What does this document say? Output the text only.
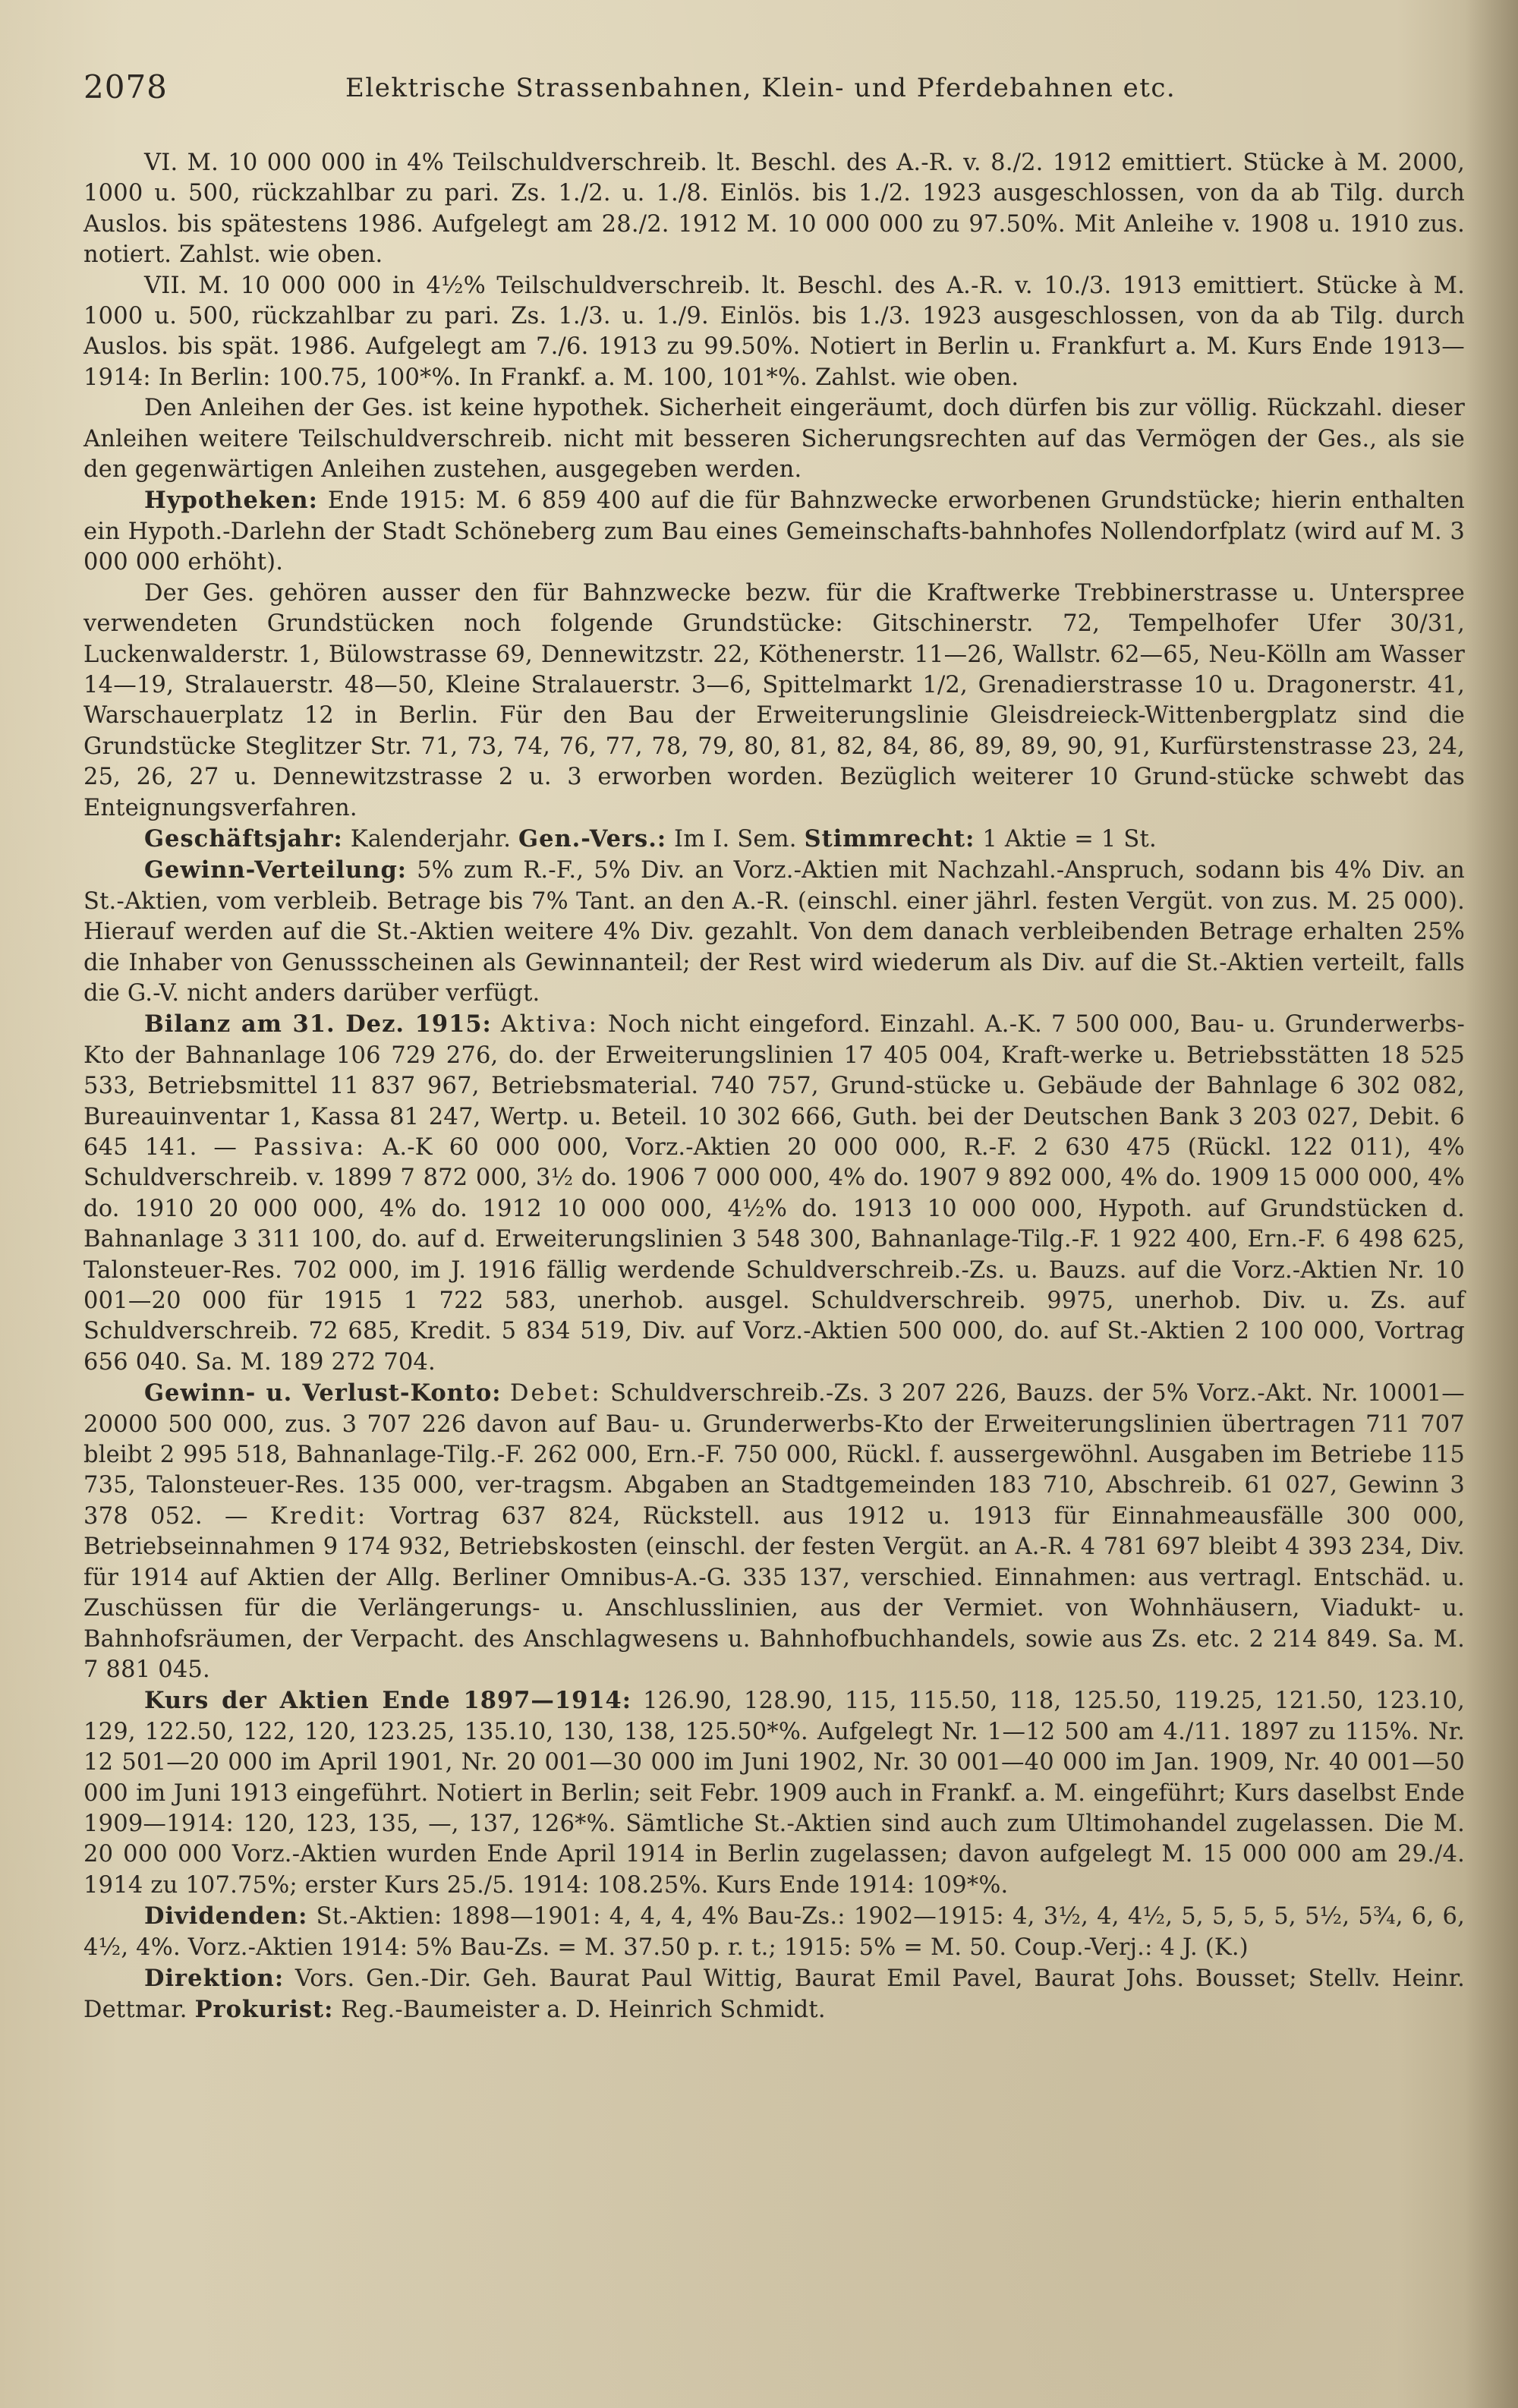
2078	Elektrische Strassenbahnen, Klein- und Pferdebahnen etc.

VI. M. 10 000 000 in 4% Teilschuldverschreib. lt. Beschl. des A.-R. v. 8./2. 1912 emittiert. Stücke à M. 2000, 1000 u. 500, rückzahlbar zu pari. Zs. 1./2. u. 1./8. Einlös. bis 1./2. 1923 ausgeschlossen, von da ab Tilg. durch Auslos. bis spätestens 1986. Aufgelegt am 28./2. 1912 M. 10 000 000 zu 97.50%. Mit Anleihe v. 1908 u. 1910 zus. notiert. Zahlst. wie oben.

VII. M. 10 000 000 in 4½% Teilschuldverschreib. lt. Beschl. des A.-R. v. 10./3. 1913 emittiert. Stücke à M. 1000 u. 500, rückzahlbar zu pari. Zs. 1./3. u. 1./9. Einlös. bis 1./3. 1923 ausgeschlossen, von da ab Tilg. durch Auslos. bis spät. 1986. Aufgelegt am 7./6. 1913 zu 99.50%. Notiert in Berlin u. Frankfurt a. M. Kurs Ende 1913—1914: In Berlin: 100.75, 100*%. In Frankf. a. M. 100, 101*%. Zahlst. wie oben.

Den Anleihen der Ges. ist keine hypothek. Sicherheit eingeräumt, doch dürfen bis zur völlig. Rückzahl. dieser Anleihen weitere Teilschuldverschreib. nicht mit besseren Sicherungsrechten auf das Vermögen der Ges., als sie den gegenwärtigen Anleihen zustehen, ausgegeben werden.

Hypotheken: Ende 1915: M. 6 859 400 auf die für Bahnzwecke erworbenen Grundstücke; hierin enthalten ein Hypoth.-Darlehn der Stadt Schöneberg zum Bau eines Gemeinschafts-bahnhofes Nollendorfplatz (wird auf M. 3 000 000 erhöht).

Der Ges. gehören ausser den für Bahnzwecke bezw. für die Kraftwerke Trebbinerstrasse u. Unterspree verwendeten Grundstücken noch folgende Grundstücke: Gitschinerstr. 72, Tempelhofer Ufer 30/31, Luckenwalderstr. 1, Bülowstrasse 69, Dennewitzstr. 22, Köthenerstr. 11—26, Wallstr. 62—65, Neu-Kölln am Wasser 14—19, Stralauerstr. 48—50, Kleine Stralauerstr. 3—6, Spittelmarkt 1/2, Grenadierstrasse 10 u. Dragonerstr. 41, Warschauerplatz 12 in Berlin. Für den Bau der Erweiterungslinie Gleisdreieck-Wittenbergplatz sind die Grundstücke Steglitzer Str. 71, 73, 74, 76, 77, 78, 79, 80, 81, 82, 84, 86, 89, 89, 90, 91, Kurfürstenstrasse 23, 24, 25, 26, 27 u. Dennewitzstrasse 2 u. 3 erworben worden. Bezüglich weiterer 10 Grund-stücke schwebt das Enteignungsverfahren.

Geschäftsjahr: Kalenderjahr. Gen.-Vers.: Im I. Sem. Stimmrecht: 1 Aktie = 1 St.

Gewinn-Verteilung: 5% zum R.-F., 5% Div. an Vorz.-Aktien mit Nachzahl.-Anspruch, sodann bis 4% Div. an St.-Aktien, vom verbleib. Betrage bis 7% Tant. an den A.-R. (einschl. einer jährl. festen Vergüt. von zus. M. 25 000). Hierauf werden auf die St.-Aktien weitere 4% Div. gezahlt. Von dem danach verbleibenden Betrage erhalten 25% die Inhaber von Genussscheinen als Gewinnanteil; der Rest wird wiederum als Div. auf die St.-Aktien verteilt, falls die G.-V. nicht anders darüber verfügt.

Bilanz am 31. Dez. 1915: Aktiva: Noch nicht eingeford. Einzahl. A.-K. 7 500 000, Bau- u. Grunderwerbs-Kto der Bahnanlage 106 729 276, do. der Erweiterungslinien 17 405 004, Kraft-werke u. Betriebsstätten 18 525 533, Betriebsmittel 11 837 967, Betriebsmaterial. 740 757, Grund-stücke u. Gebäude der Bahnlage 6 302 082, Bureauinventar 1, Kassa 81 247, Wertp. u. Beteil. 10 302 666, Guth. bei der Deutschen Bank 3 203 027, Debit. 6 645 141. — Passiva: A.-K 60 000 000, Vorz.-Aktien 20 000 000, R.-F. 2 630 475 (Rückl. 122 011), 4% Schuldverschreib. v. 1899 7 872 000, 3½ do. 1906 7 000 000, 4% do. 1907 9 892 000, 4% do. 1909 15 000 000, 4% do. 1910 20 000 000, 4% do. 1912 10 000 000, 4½% do. 1913 10 000 000, Hypoth. auf Grundstücken d. Bahnanlage 3 311 100, do. auf d. Erweiterungslinien 3 548 300, Bahnanlage-Tilg.-F. 1 922 400, Ern.-F. 6 498 625, Talonsteuer-Res. 702 000, im J. 1916 fällig werdende Schuldverschreib.-Zs. u. Bauzs. auf die Vorz.-Aktien Nr. 10 001—20 000 für 1915 1 722 583, unerhob. ausgel. Schuldverschreib. 9975, unerhob. Div. u. Zs. auf Schuldverschreib. 72 685, Kredit. 5 834 519, Div. auf Vorz.-Aktien 500 000, do. auf St.-Aktien 2 100 000, Vortrag 656 040. Sa. M. 189 272 704.

Gewinn- u. Verlust-Konto: Debet: Schuldverschreib.-Zs. 3 207 226, Bauzs. der 5% Vorz.-Akt. Nr. 10001—20000 500 000, zus. 3 707 226 davon auf Bau- u. Grunderwerbs-Kto der Erweiterungslinien übertragen 711 707 bleibt 2 995 518, Bahnanlage-Tilg.-F. 262 000, Ern.-F. 750 000, Rückl. f. aussergewöhnl. Ausgaben im Betriebe 115 735, Talonsteuer-Res. 135 000, ver-tragsm. Abgaben an Stadtgemeinden 183 710, Abschreib. 61 027, Gewinn 3 378 052. — Kredit: Vortrag 637 824, Rückstell. aus 1912 u. 1913 für Einnahmeausfälle 300 000, Betriebseinnahmen 9 174 932, Betriebskosten (einschl. der festen Vergüt. an A.-R. 4 781 697 bleibt 4 393 234, Div. für 1914 auf Aktien der Allg. Berliner Omnibus-A.-G. 335 137, verschied. Einnahmen: aus vertragl. Entschäd. u. Zuschüssen für die Verlängerungs- u. Anschlusslinien, aus der Vermiet. von Wohnhäusern, Viadukt- u. Bahnhofsräumen, der Verpacht. des Anschlagwesens u. Bahnhofbuchhandels, sowie aus Zs. etc. 2 214 849. Sa. M. 7 881 045.

Kurs der Aktien Ende 1897—1914: 126.90, 128.90, 115, 115.50, 118, 125.50, 119.25, 121.50, 123.10, 129, 122.50, 122, 120, 123.25, 135.10, 130, 138, 125.50*%. Aufgelegt Nr. 1—12 500 am 4./11. 1897 zu 115%. Nr. 12 501—20 000 im April 1901, Nr. 20 001—30 000 im Juni 1902, Nr. 30 001—40 000 im Jan. 1909, Nr. 40 001—50 000 im Juni 1913 eingeführt. Notiert in Berlin; seit Febr. 1909 auch in Frankf. a. M. eingeführt; Kurs daselbst Ende 1909—1914: 120, 123, 135, —, 137, 126*%. Sämtliche St.-Aktien sind auch zum Ultimohandel zugelassen. Die M. 20 000 000 Vorz.-Aktien wurden Ende April 1914 in Berlin zugelassen; davon aufgelegt M. 15 000 000 am 29./4. 1914 zu 107.75%; erster Kurs 25./5. 1914: 108.25%. Kurs Ende 1914: 109*%.

Dividenden: St.-Aktien: 1898—1901: 4, 4, 4, 4% Bau-Zs.: 1902—1915: 4, 3½, 4, 4½, 5, 5, 5, 5, 5½, 5¾, 6, 6, 4½, 4%. Vorz.-Aktien 1914: 5% Bau-Zs. = M. 37.50 p. r. t.; 1915: 5% = M. 50. Coup.-Verj.: 4 J. (K.)

Direktion: Vors. Gen.-Dir. Geh. Baurat Paul Wittig, Baurat Emil Pavel, Baurat Johs. Bousset; Stellv. Heinr. Dettmar. Prokurist: Reg.-Baumeister a. D. Heinrich Schmidt.
